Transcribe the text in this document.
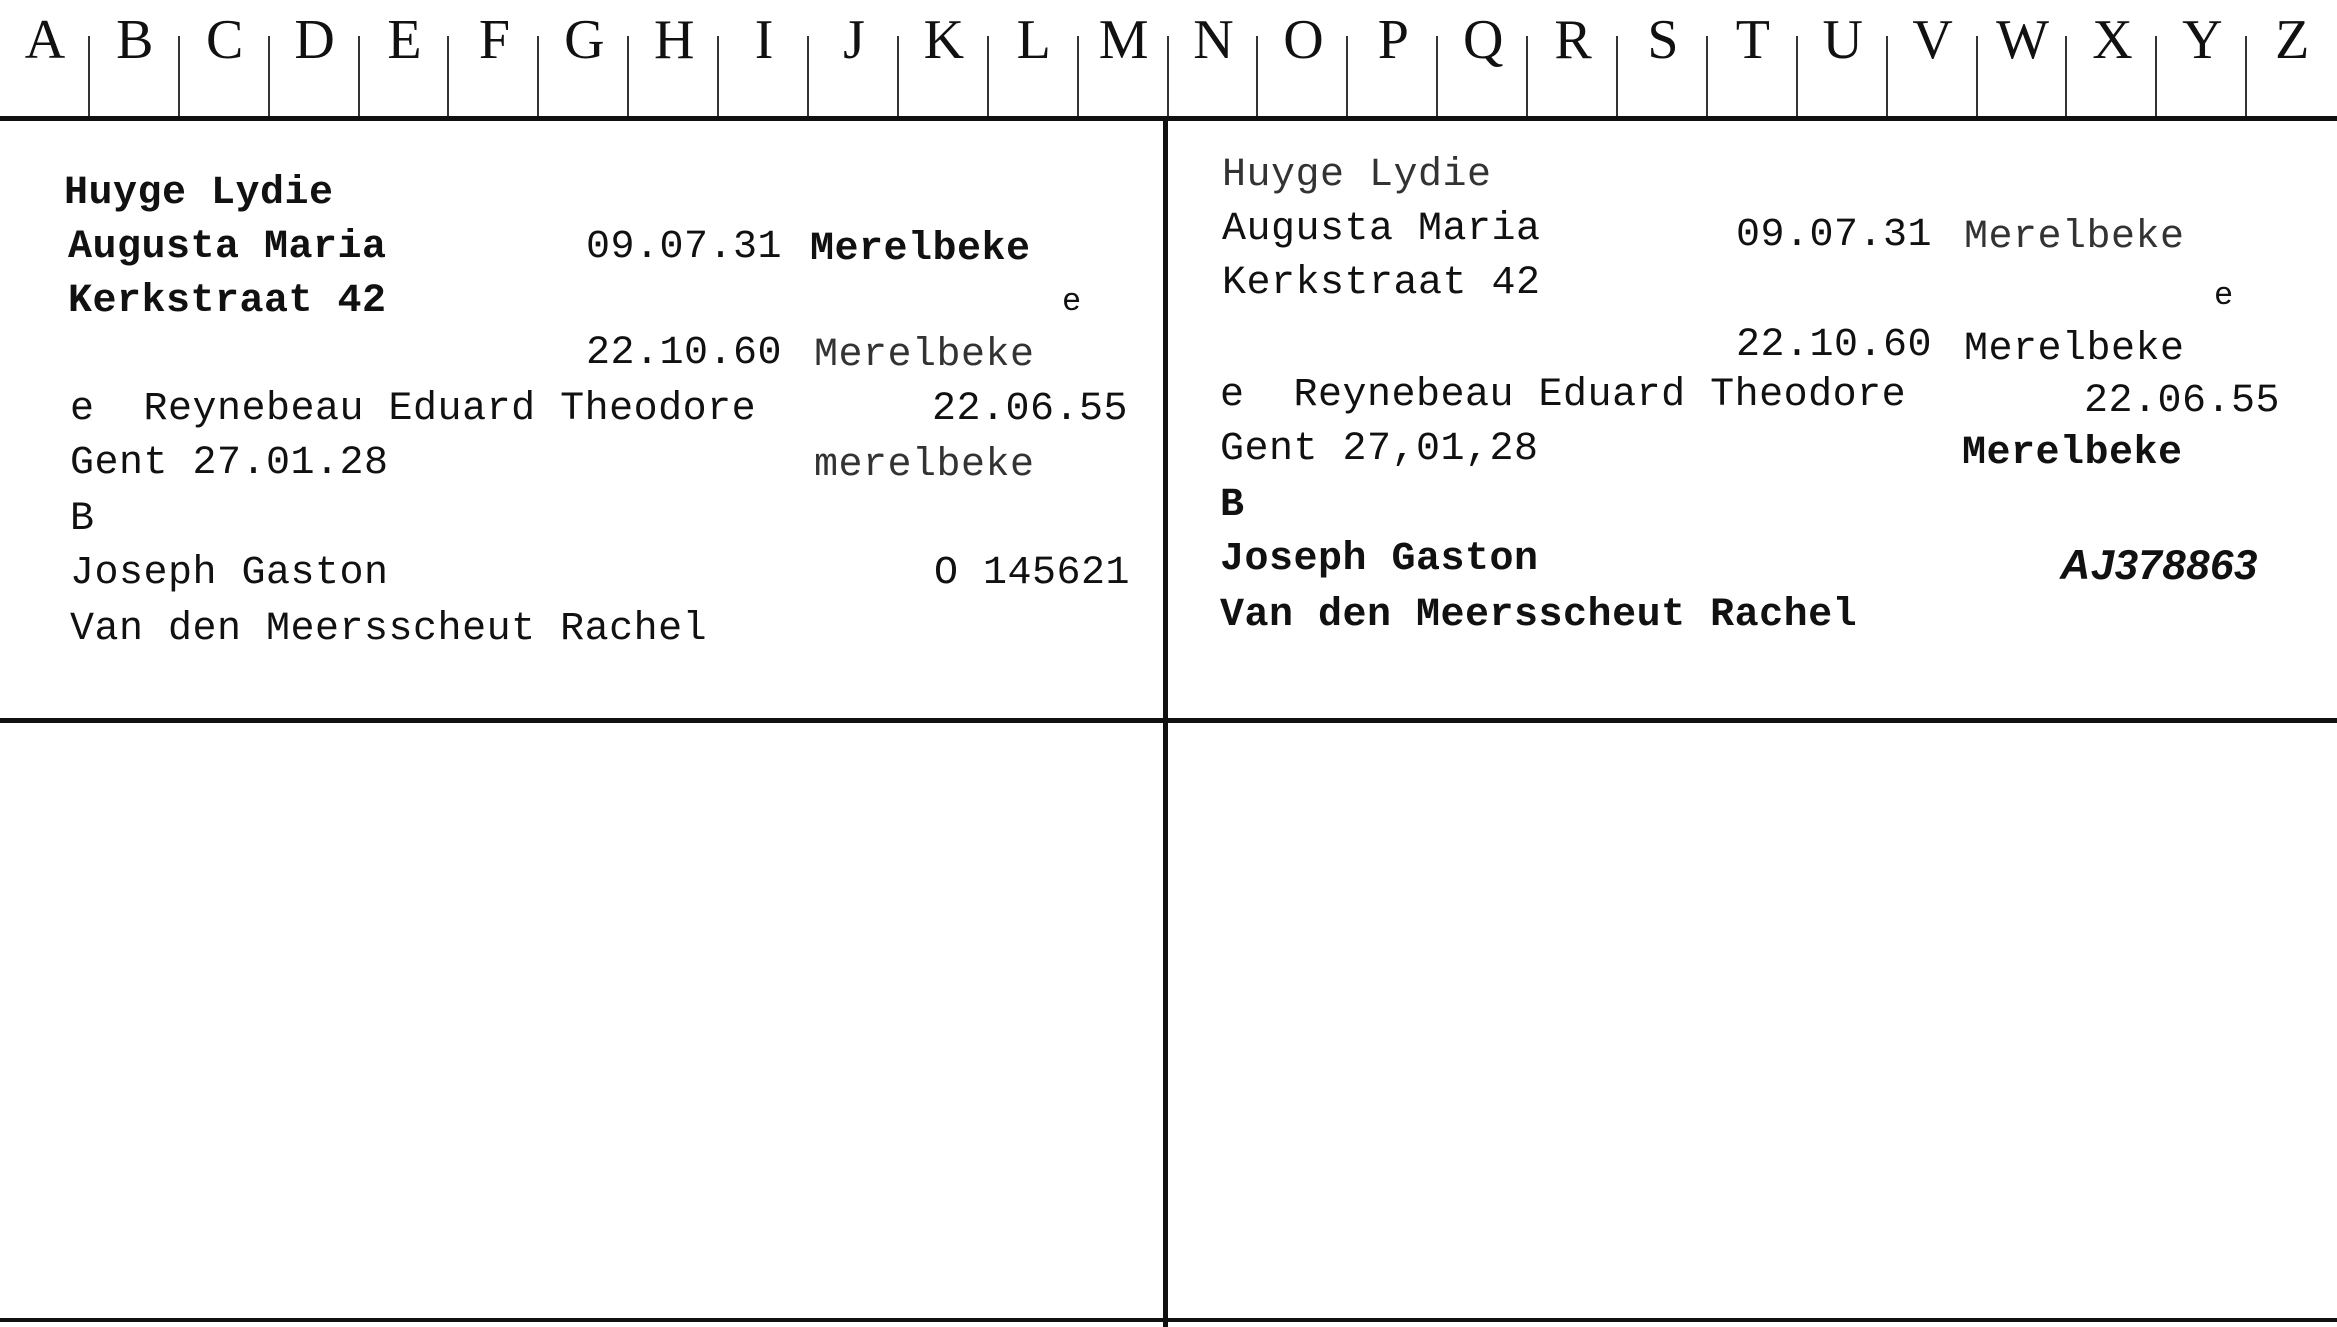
A B C D E	F G H	I	J	K L M N O P Q R S	T U V W X Y Z
Huyge Lydie
Augusta Maria	09.07.31 Merelbeke
Kerkstraat 42	e
22.10.60 Merelbeke
e  Reynebeau Eduard Theodore	22.06.55
Gent 27.01.28	merelbeke
B
Joseph Gaston	O 145621
Van den Meersscheut Rachel
Huyge Lydie
Augusta Maria	09.07.31 Merelbeke
Kerkstraat 42	e
22.10.60 Merelbeke
e  Reynebeau Eduard Theodore	22.06.55
Gent 27,01,28	Merelbeke
B
Joseph Gaston	AJ378863
Van den Meersscheut Rachel
